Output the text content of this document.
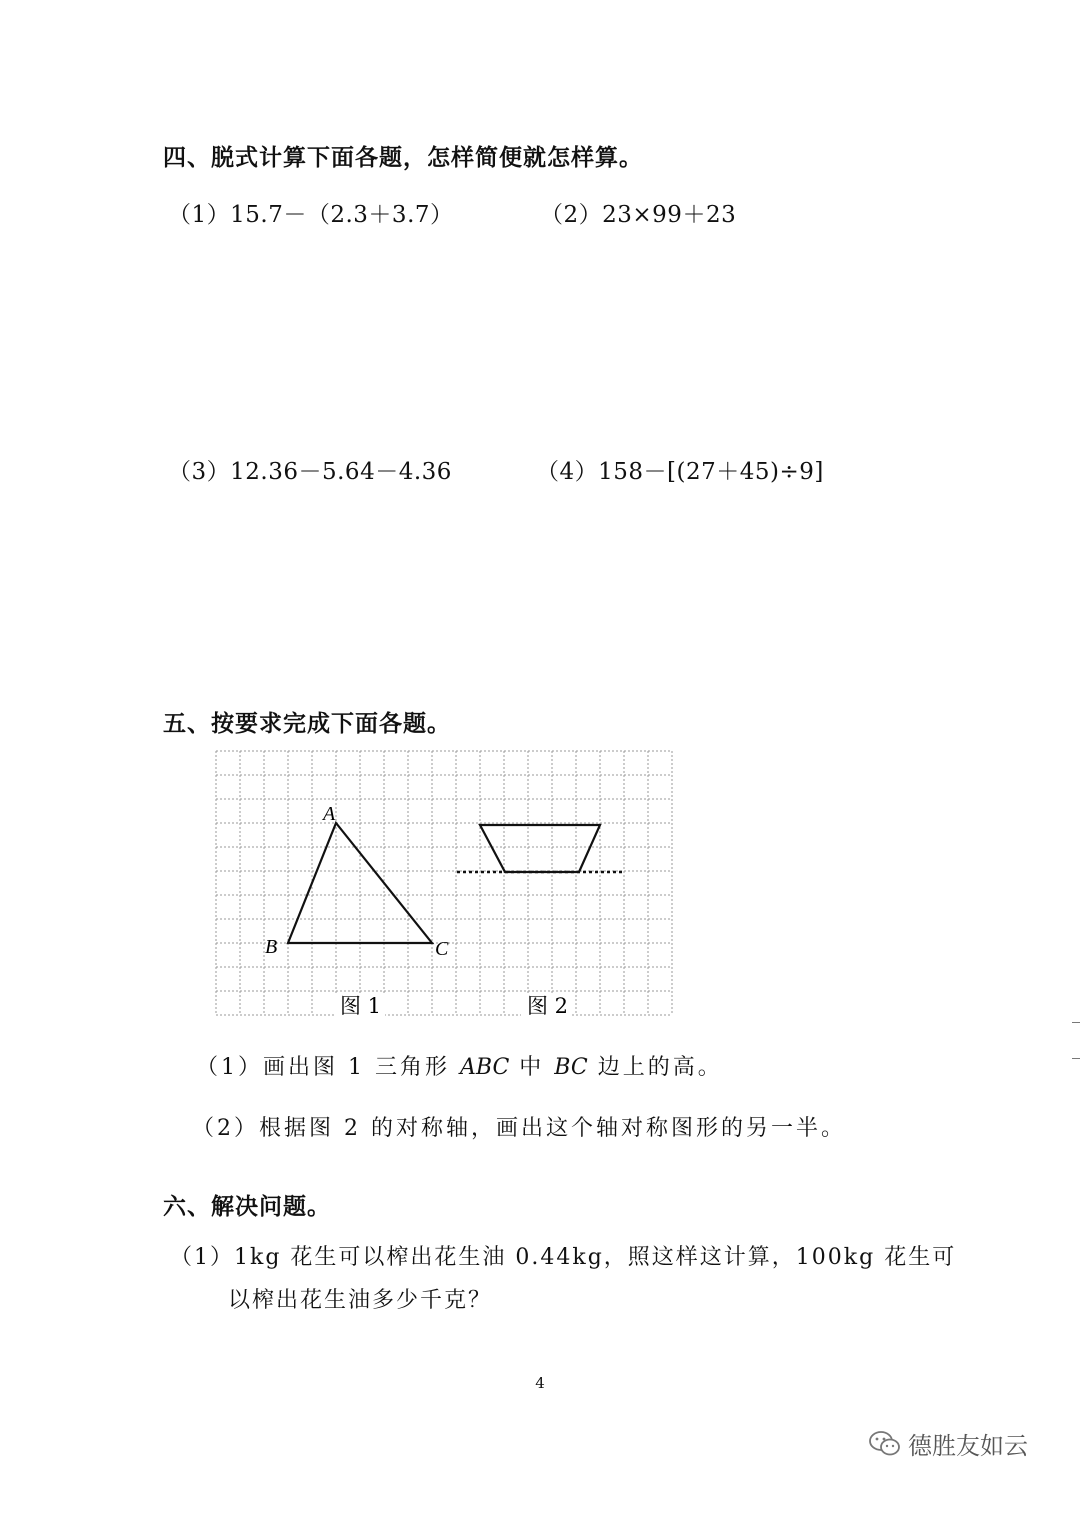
四、脱式计算下面各题，怎样简便就怎样算。
（1）15.7－（2.3＋3.7）	（2）23×99＋23
（3）12.36－5.64－4.36	（4）158－[(27＋45)÷9]
五、按要求完成下面各题。
A
B	C
图 1	图 2
（1）画出图 1 三角形 ABC 中 BC 边上的高。
（2）根据图 2 的对称轴，画出这个轴对称图形的另一半。
六、解决问题。
（1）1kg 花生可以榨出花生油 0.44kg，照这样这计算，100kg 花生可
以榨出花生油多少千克？
4
德胜友如云
